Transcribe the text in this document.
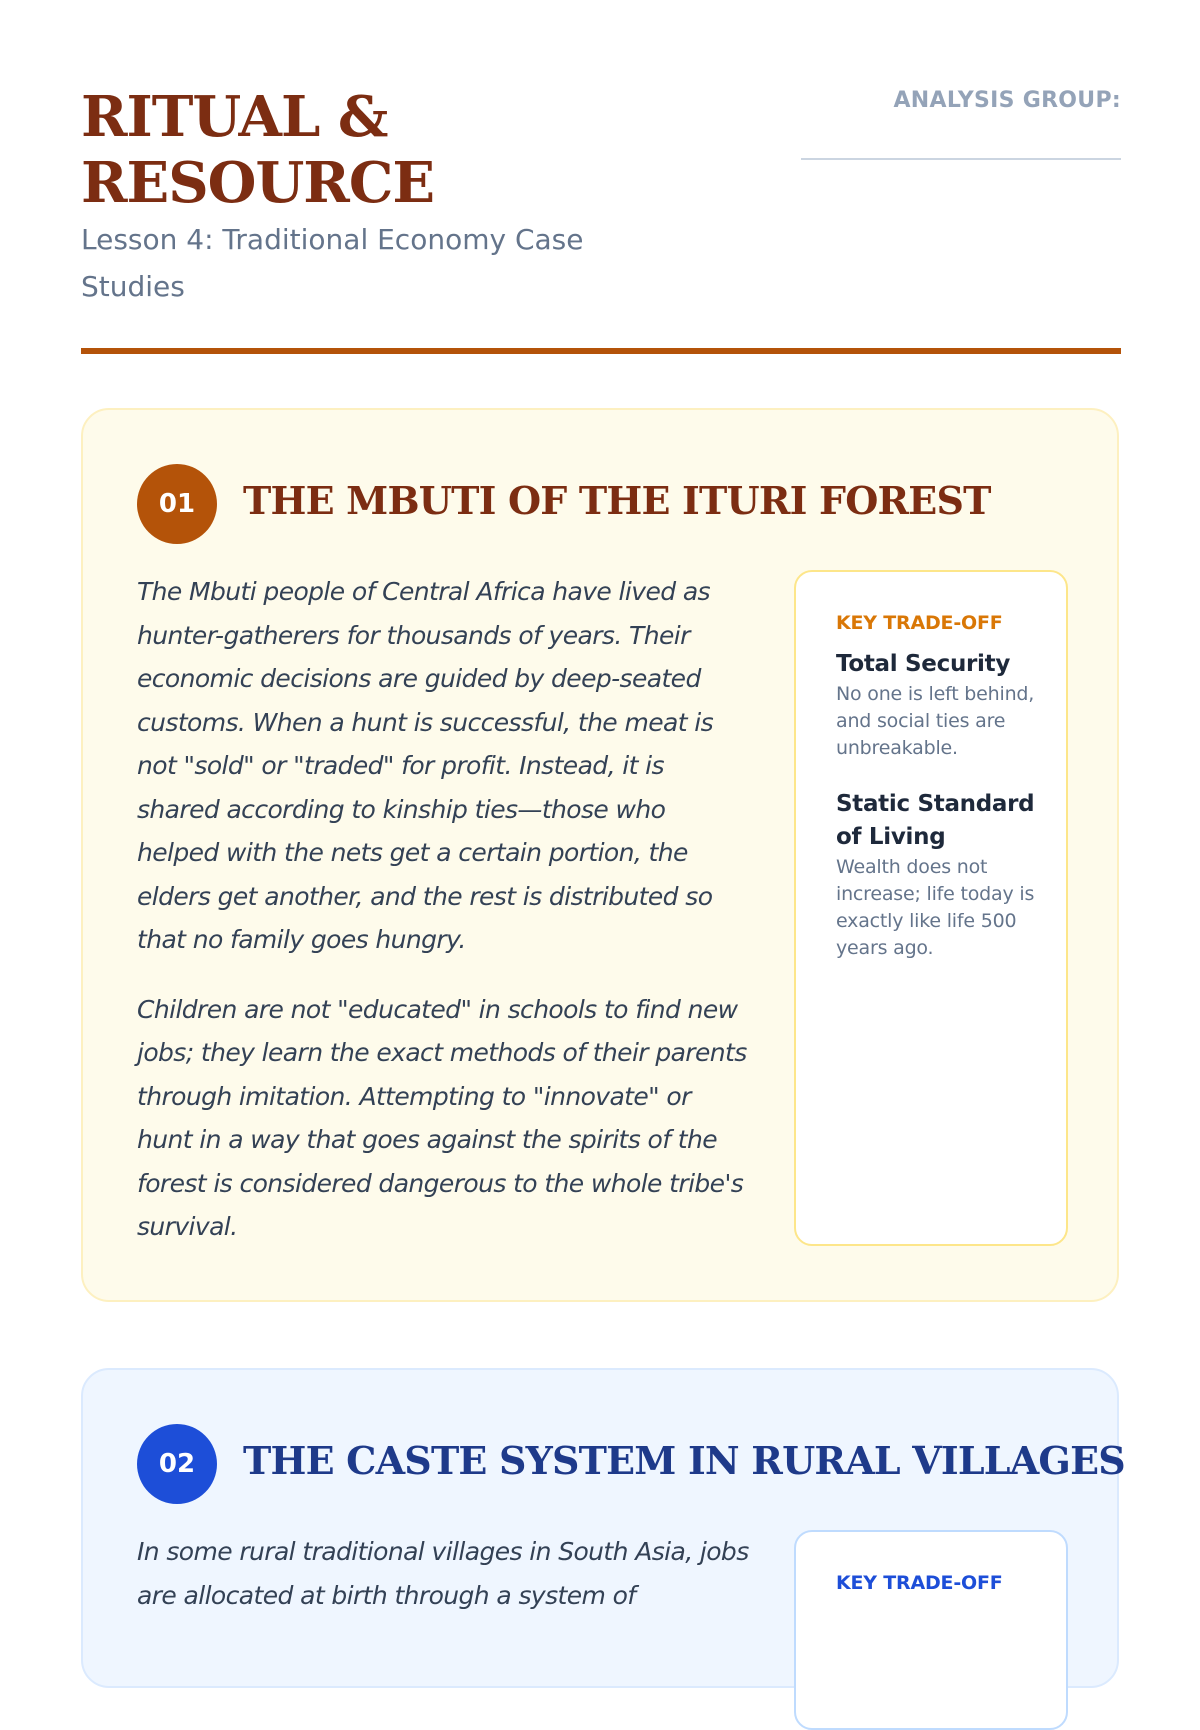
RITUAL &
RESOURCE

Lesson 4: Traditional Economy Case Studies

ANALYSIS GROUP:
01	THE MBUTI OF THE ITURI FOREST

The Mbuti people of Central Africa have lived as hunter-gatherers for thousands of years. Their economic decisions are guided by deep-seated customs. When a hunt is successful, the meat is not "sold" or "traded" for profit. Instead, it is shared according to kinship ties—those who helped with the nets get a certain portion, the elders get another, and the rest is distributed so that no family goes hungry.

Children are not "educated" in schools to find new jobs; they learn the exact methods of their parents through imitation. Attempting to "innovate" or hunt in a way that goes against the spirits of the forest is considered dangerous to the whole tribe's survival.

KEY TRADE-OFF

Total Security

No one is left behind, and social ties are unbreakable.

Static Standard of Living

Wealth does not increase; life today is exactly like life 500 years ago.

02	THE CASTE SYSTEM IN RURAL VILLAGES

In some rural traditional villages in South Asia, jobs are allocated at birth through a system of	KEY TRADE-OFF
